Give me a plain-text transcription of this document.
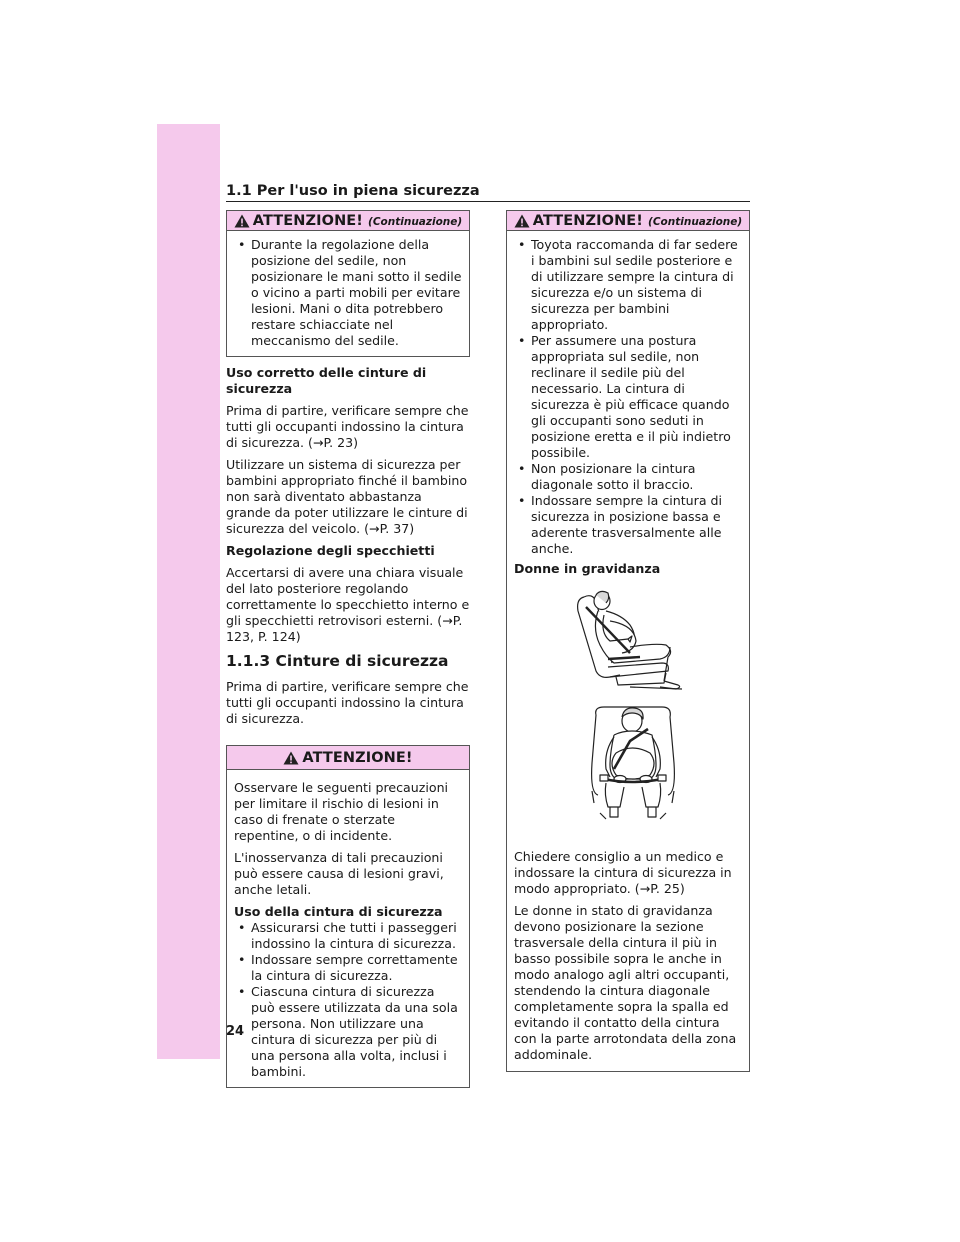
1.1 Per l'uso in piena sicurezza
ATTENZIONE! (Continuazione)
• Durante la regolazione della posizione del sedile, non posizionare le mani sotto il sedile o vicino a parti mobili per evitare lesioni. Mani o dita potrebbero restare schiacciate nel meccanismo del sedile.

Uso corretto delle cinture di sicurezza

Prima di partire, verificare sempre che tutti gli occupanti indossino la cintura di sicurezza. (→P. 23)

Utilizzare un sistema di sicurezza per bambini appropriato finché il bambino non sarà diventato abbastanza grande da poter utilizzare le cinture di sicurezza del veicolo. (→P. 37)

Regolazione degli specchietti

Accertarsi di avere una chiara visuale del lato posteriore regolando correttamente lo specchietto interno e gli specchietti retrovisori esterni. (→P. 123, P. 124)

1.1.3 Cinture di sicurezza

Prima di partire, verificare sempre che tutti gli occupanti indossino la cintura di sicurezza.

ATTENZIONE!

Osservare le seguenti precauzioni per limitare il rischio di lesioni in caso di frenate o sterzate repentine, o di incidente.

L'inosservanza di tali precauzioni può essere causa di lesioni gravi, anche letali.

Uso della cintura di sicurezza

• Assicurarsi che tutti i passeggeri indossino la cintura di sicurezza.
• Indossare sempre correttamente la cintura di sicurezza.
• Ciascuna cintura di sicurezza può essere utilizzata da una sola persona. Non utilizzare una cintura di sicurezza per più di una persona alla volta, inclusi i bambini.
ATTENZIONE! (Continuazione)
• Toyota raccomanda di far sedere i bambini sul sedile posteriore e di utilizzare sempre la cintura di sicurezza e/o un sistema di sicurezza per bambini appropriato.
• Per assumere una postura appropriata sul sedile, non reclinare il sedile più del necessario. La cintura di sicurezza è più efficace quando gli occupanti sono seduti in posizione eretta e il più indietro possibile.
• Non posizionare la cintura diagonale sotto il braccio.
• Indossare sempre la cintura di sicurezza in posizione bassa e aderente trasversalmente alle anche.

Donne in gravidanza

Chiedere consiglio a un medico e indossare la cintura di sicurezza in modo appropriato. (→P. 25)

Le donne in stato di gravidanza devono posizionare la sezione trasversale della cintura il più in basso possibile sopra le anche in modo analogo agli altri occupanti, stendendo la cintura diagonale completamente sopra la spalla ed evitando il contatto della cintura con la parte arrotondata della zona addominale.

24
